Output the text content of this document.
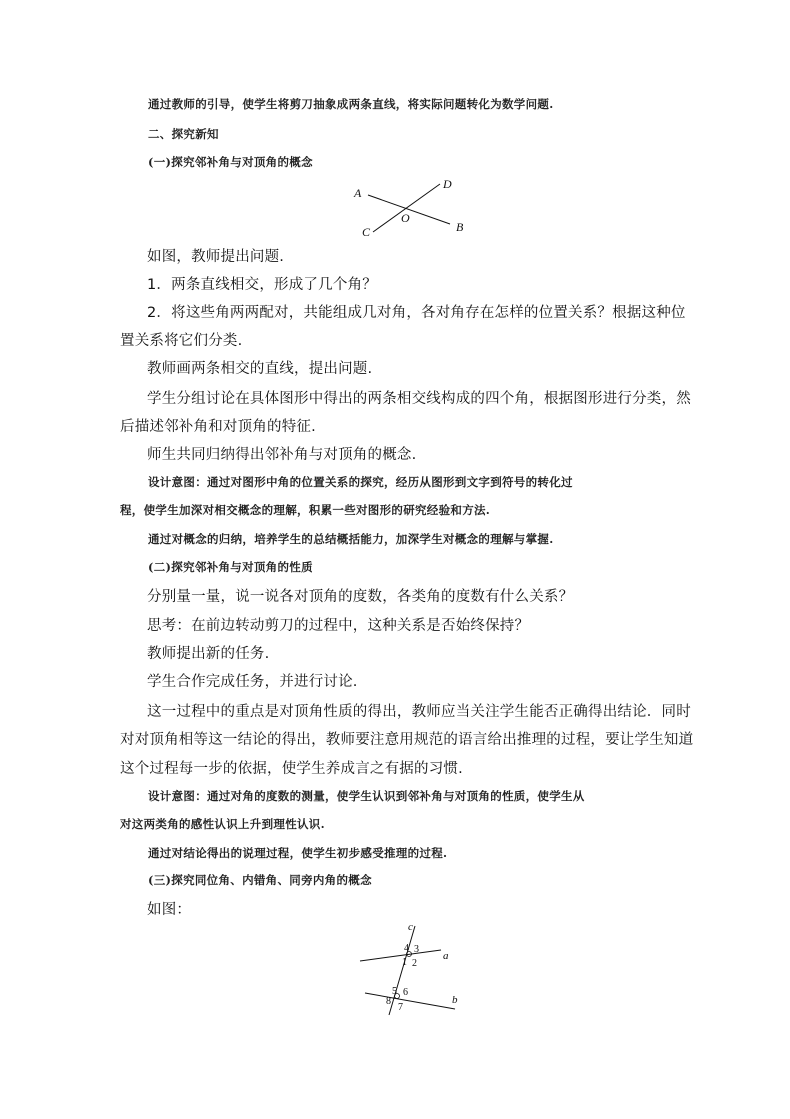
通过教师的引导，使学生将剪刀抽象成两条直线，将实际问题转化为数学问题.
二、探究新知
(一)探究邻补角与对顶角的概念
A
D
O
C	B
如图，教师提出问题.
1．两条直线相交，形成了几个角？
2．将这些角两两配对，共能组成几对角，各对角存在怎样的位置关系？根据这种位
置关系将它们分类.
教师画两条相交的直线，提出问题.
学生分组讨论在具体图形中得出的两条相交线构成的四个角，根据图形进行分类，然
后描述邻补角和对顶角的特征.
师生共同归纳得出邻补角与对顶角的概念.
设计意图：通过对图形中角的位置关系的探究，经历从图形到文字到符号的转化过
程，使学生加深对相交概念的理解，积累一些对图形的研究经验和方法.
通过对概念的归纳，培养学生的总结概括能力，加深学生对概念的理解与掌握.
(二)探究邻补角与对顶角的性质
分别量一量，说一说各对顶角的度数，各类角的度数有什么关系？
思考：在前边转动剪刀的过程中，这种关系是否始终保持？
教师提出新的任务.
学生合作完成任务，并进行讨论.
这一过程中的重点是对顶角性质的得出，教师应当关注学生能否正确得出结论．同时
对对顶角相等这一结论的得出，教师要注意用规范的语言给出推理的过程，要让学生知道
这个过程每一步的依据，使学生养成言之有据的习惯.
设计意图：通过对角的度数的测量，使学生认识到邻补角与对顶角的性质，使学生从
对这两类角的感性认识上升到理性认识.
通过对结论得出的说理过程，使学生初步感受推理的过程.
(三)探究同位角、内错角、同旁内角的概念
如图：
c
a
b
4 3
1 2
5 6
8
7
